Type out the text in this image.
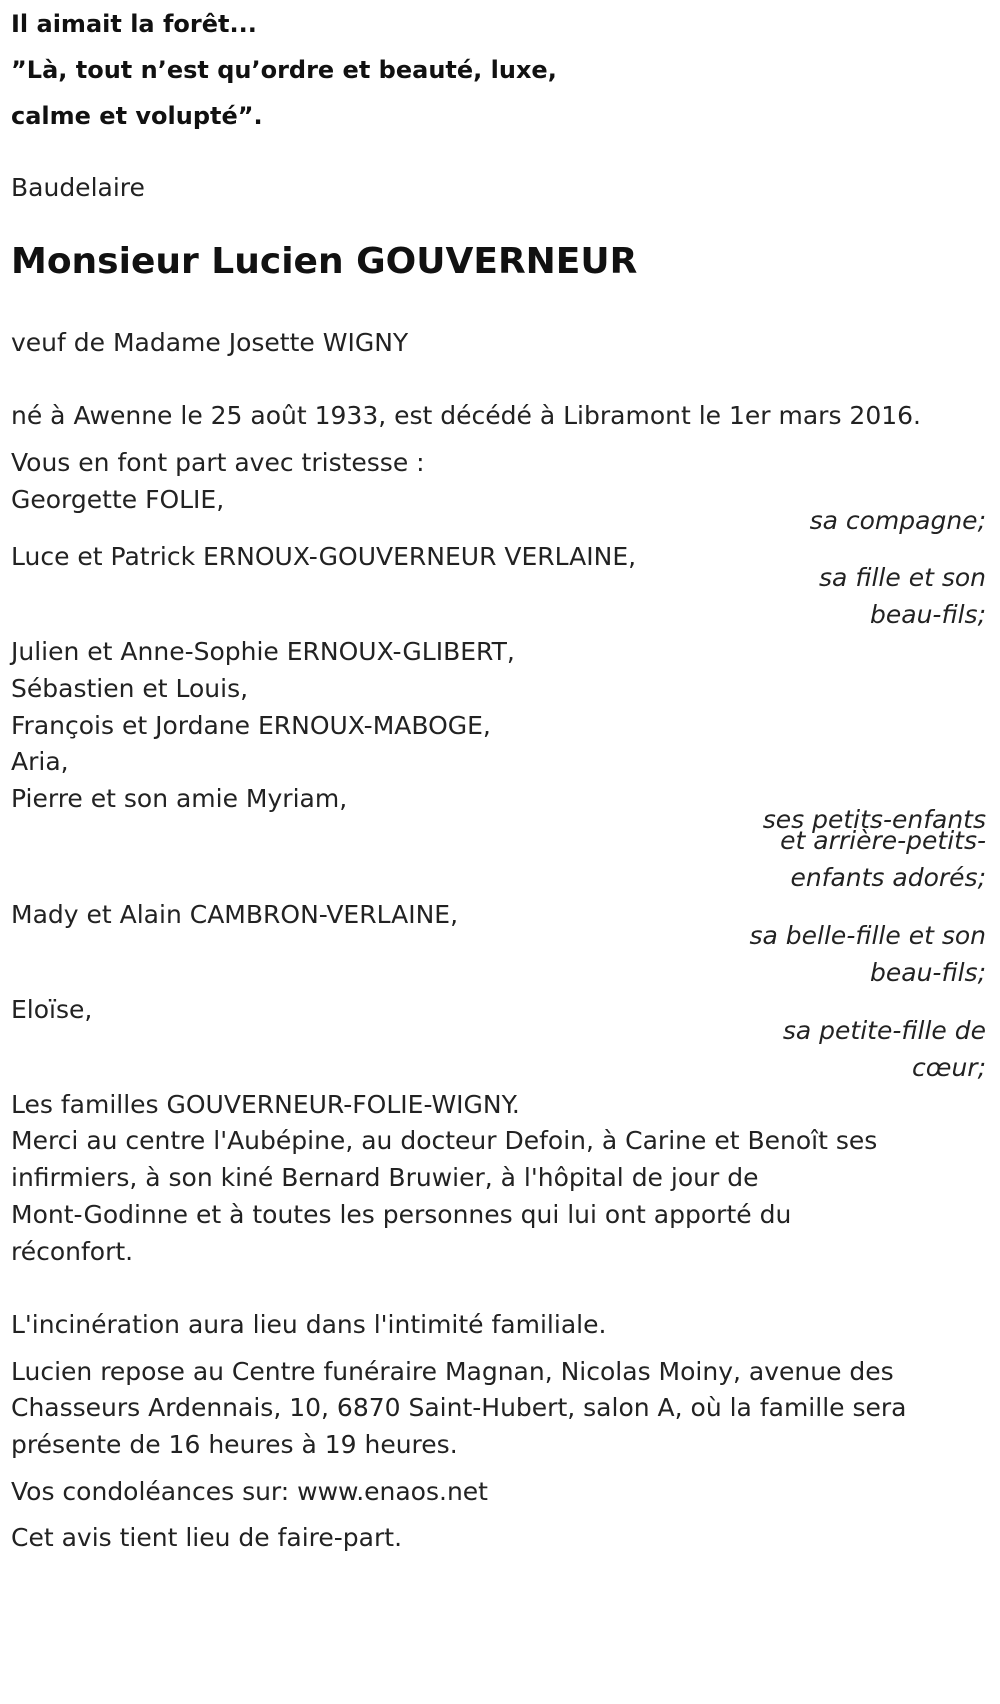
Il aimait la forêt...
”Là, tout n’est qu’ordre et beauté, luxe,
calme et volupté”.
Baudelaire
Monsieur Lucien GOUVERNEUR
veuf de Madame Josette WIGNY
né à Awenne le 25 août 1933, est décédé à Libramont le 1er mars 2016.
Vous en font part avec tristesse :
Georgette FOLIE,
sa compagne;
Luce et Patrick ERNOUX-GOUVERNEUR VERLAINE,
sa fille et son
beau-fils;
Julien et Anne-Sophie ERNOUX-GLIBERT,
Sébastien et Louis,
François et Jordane ERNOUX-MABOGE,
Aria,
Pierre et son amie Myriam,
ses petits-enfants
et arrière-petits-
enfants adorés;
Mady et Alain CAMBRON-VERLAINE,
sa belle-fille et son
beau-fils;
Eloïse,
sa petite-fille de
cœur;
Les familles GOUVERNEUR-FOLIE-WIGNY.
Merci au centre l'Aubépine, au docteur Defoin, à Carine et Benoît ses
infirmiers, à son kiné Bernard Bruwier, à l'hôpital de jour de
Mont-Godinne et à toutes les personnes qui lui ont apporté du
réconfort.
L'incinération aura lieu dans l'intimité familiale.
Lucien repose au Centre funéraire Magnan, Nicolas Moiny, avenue des
Chasseurs Ardennais, 10, 6870 Saint-Hubert, salon A, où la famille sera
présente de 16 heures à 19 heures.
Vos condoléances sur: www.enaos.net
Cet avis tient lieu de faire-part.
